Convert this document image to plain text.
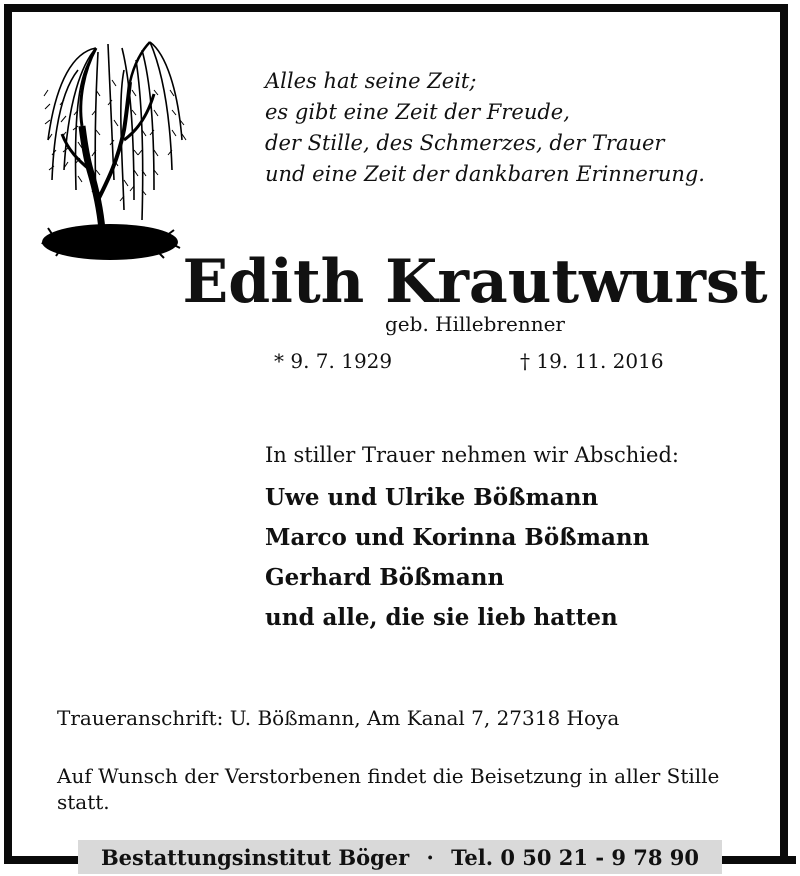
Alles hat seine Zeit;
es gibt eine Zeit der Freude,
der Stille, des Schmerzes, der Trauer
und eine Zeit der dankbaren Erinnerung.
Edith Krautwurst
geb. Hillebrenner
* 9. 7. 1929	† 19. 11. 2016
In stiller Trauer nehmen wir Abschied:
Uwe und Ulrike Bößmann
Marco und Korinna Bößmann
Gerhard Bößmann
und alle, die sie lieb hatten
Traueranschrift: U. Bößmann, Am Kanal 7, 27318 Hoya
Auf Wunsch der Verstorbenen findet die Beisetzung in aller Stille statt.
Bestattungsinstitut Böger · Tel. 0 50 21 - 9 78 90
